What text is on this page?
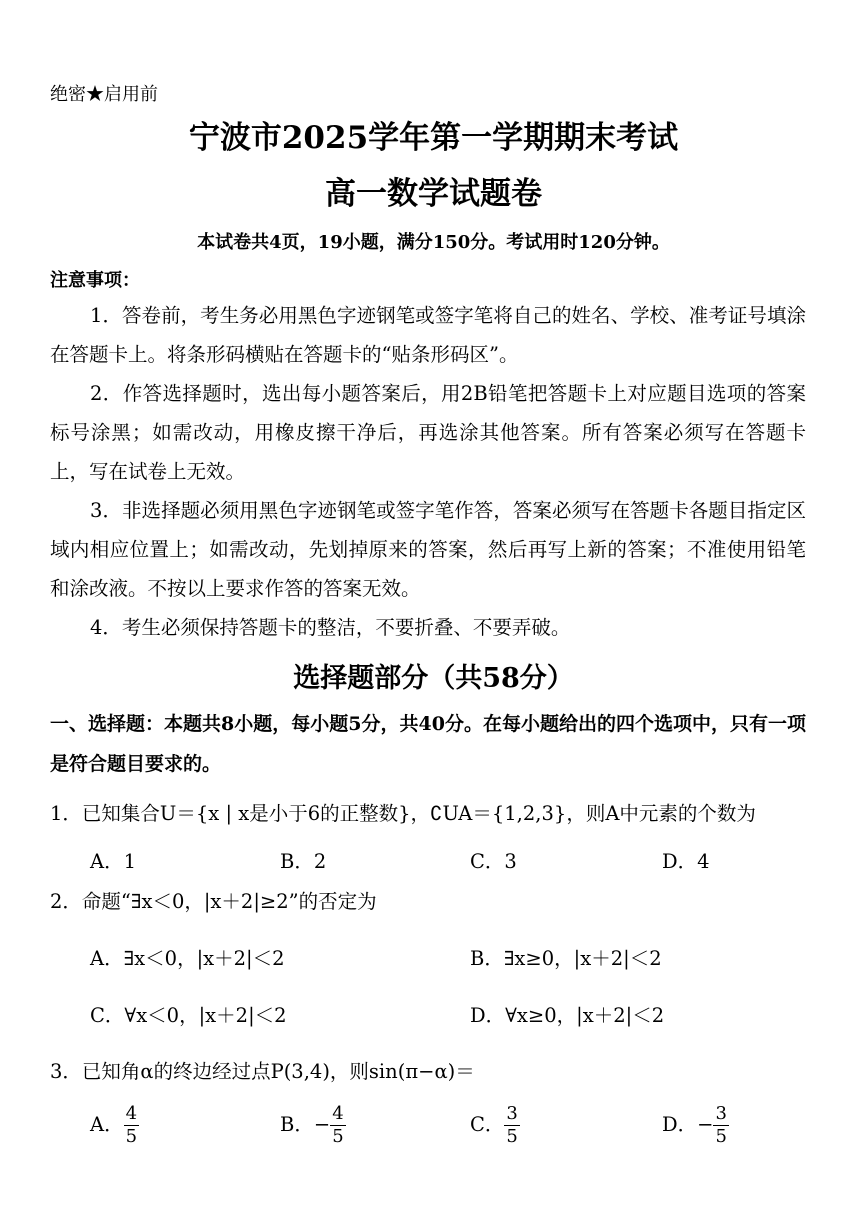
绝密★启用前
宁波市2025学年第一学期期末考试
高一数学试题卷
本试卷共4页，19小题，满分150分。考试用时120分钟。
注意事项：
1．答卷前，考生务必用黑色字迹钢笔或签字笔将自己的姓名、学校、准考证号填涂在答题卡上。将条形码横贴在答题卡的“贴条形码区”。
2．作答选择题时，选出每小题答案后，用2B铅笔把答题卡上对应题目选项的答案标号涂黑；如需改动，用橡皮擦干净后，再选涂其他答案。所有答案必须写在答题卡上，写在试卷上无效。
3．非选择题必须用黑色字迹钢笔或签字笔作答，答案必须写在答题卡各题目指定区域内相应位置上；如需改动，先划掉原来的答案，然后再写上新的答案；不准使用铅笔和涂改液。不按以上要求作答的答案无效。
4．考生必须保持答题卡的整洁，不要折叠、不要弄破。
选择题部分（共58分）
一、选择题：本题共8小题，每小题5分，共40分。在每小题给出的四个选项中，只有一项是符合题目要求的。
1．已知集合U＝{x | x是小于6的正整数}，∁UA＝{1,2,3}，则A中元素的个数为
A．1	B．2	C．3	D．4
2．命题“∃x＜0，|x＋2|≥2”的否定为
A．∃x＜0，|x＋2|＜2	B．∃x≥0，|x＋2|＜2
C．∀x＜0，|x＋2|＜2	D．∀x≥0，|x＋2|＜2
3．已知角α的终边经过点P(3,4)，则sin(π−α)＝
A． $\frac{4}{5}$	B．− $\frac{4}{5}$	C． $\frac{3}{5}$	D．− $\frac{3}{5}$
